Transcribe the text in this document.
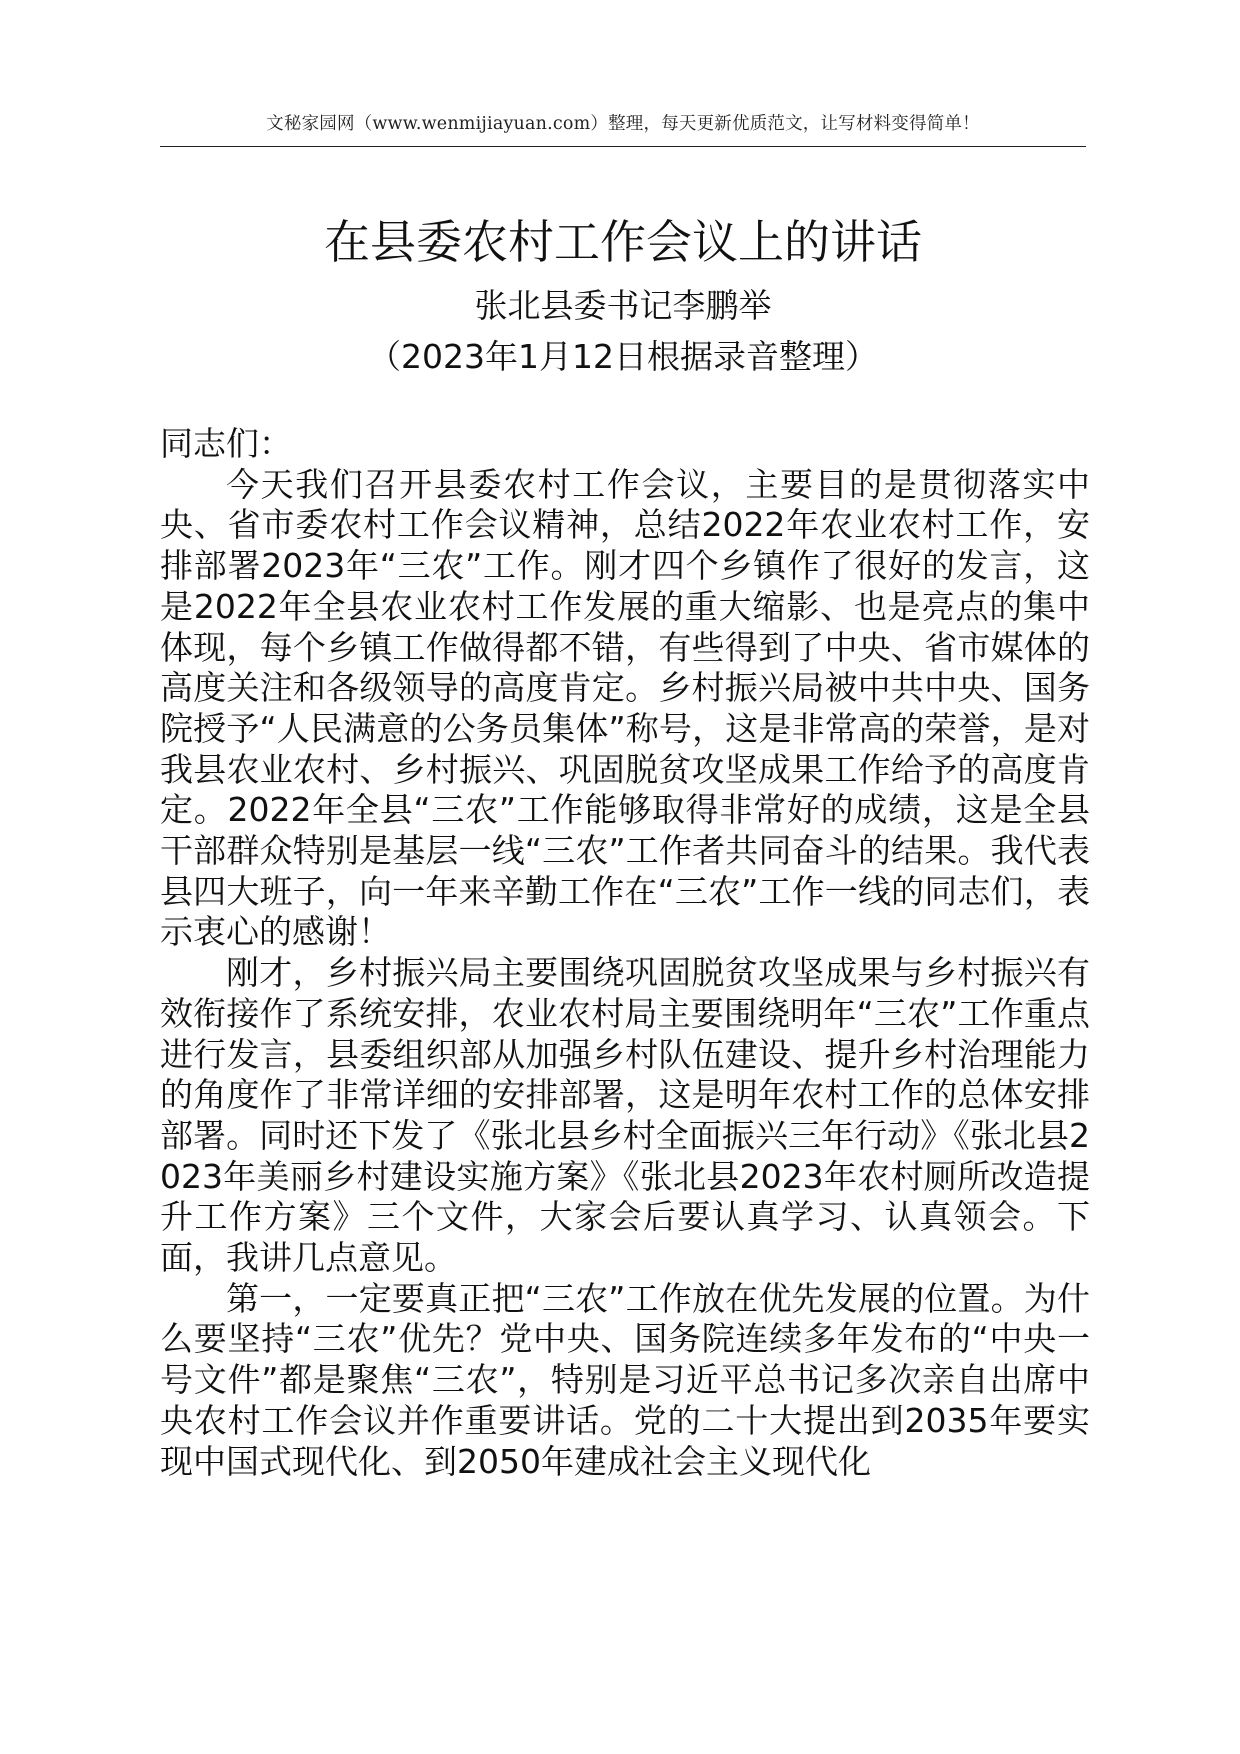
文秘家园网（www.wenmijiayuan.com）整理，每天更新优质范文，让写材料变得简单！
在县委农村工作会议上的讲话
张北县委书记李鹏举
（2023年1月12日根据录音整理）

同志们：

今天我们召开县委农村工作会议，主要目的是贯彻落实中央、省市委农村工作会议精神，总结2022年农业农村工作，安排部署2023年“三农”工作。刚才四个乡镇作了很好的发言，这是2022年全县农业农村工作发展的重大缩影、也是亮点的集中体现，每个乡镇工作做得都不错，有些得到了中央、省市媒体的高度关注和各级领导的高度肯定。乡村振兴局被中共中央、国务院授予“人民满意的公务员集体”称号，这是非常高的荣誉，是对我县农业农村、乡村振兴、巩固脱贫攻坚成果工作给予的高度肯定。2022年全县“三农”工作能够取得非常好的成绩，这是全县干部群众特别是基层一线“三农”工作者共同奋斗的结果。我代表县四大班子，向一年来辛勤工作在“三农”工作一线的同志们，表示衷心的感谢！

刚才，乡村振兴局主要围绕巩固脱贫攻坚成果与乡村振兴有效衔接作了系统安排，农业农村局主要围绕明年“三农”工作重点进行发言，县委组织部从加强乡村队伍建设、提升乡村治理能力的角度作了非常详细的安排部署，这是明年农村工作的总体安排部署。同时还下发了《张北县乡村全面振兴三年行动》《张北县2023年美丽乡村建设实施方案》《张北县2023年农村厕所改造提升工作方案》三个文件，大家会后要认真学习、认真领会。下面，我讲几点意见。

第一，一定要真正把“三农”工作放在优先发展的位置。为什么要坚持“三农”优先？党中央、国务院连续多年发布的“中央一号文件”都是聚焦“三农”，特别是习近平总书记多次亲自出席中央农村工作会议并作重要讲话。党的二十大提出到2035年要实现中国式现代化、到2050年建成社会主义现代化
